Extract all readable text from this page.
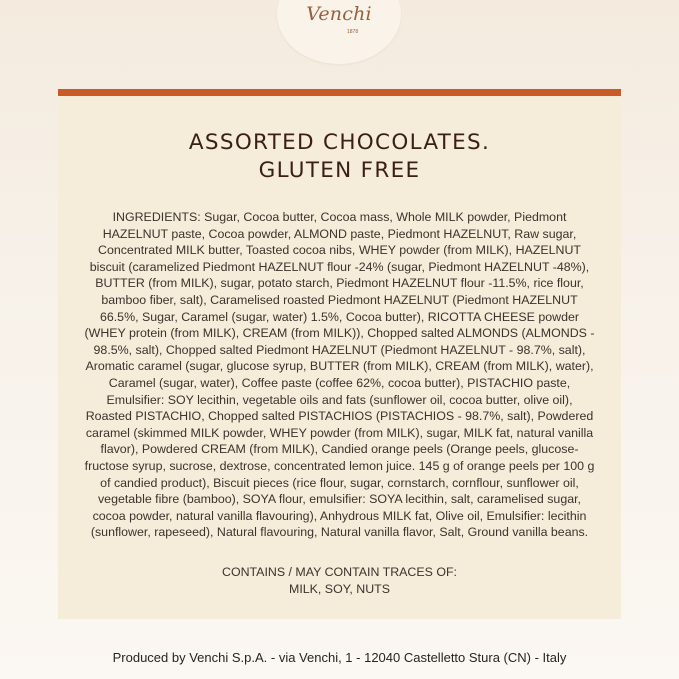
Venchi
1878
ASSORTED CHOCOLATES.
GLUTEN FREE
INGREDIENTS: Sugar, Cocoa butter, Cocoa mass, Whole MILK powder, Piedmont HAZELNUT paste, Cocoa powder, ALMOND paste, Piedmont HAZELNUT, Raw sugar, Concentrated MILK butter, Toasted cocoa nibs, WHEY powder (from MILK), HAZELNUT biscuit (caramelized Piedmont HAZELNUT flour -24% (sugar, Piedmont HAZELNUT -48%), BUTTER (from MILK), sugar, potato starch, Piedmont HAZELNUT flour -11.5%, rice flour, bamboo fiber, salt), Caramelised roasted Piedmont HAZELNUT (Piedmont HAZELNUT 66.5%, Sugar, Caramel (sugar, water) 1.5%, Cocoa butter), RICOTTA CHEESE powder (WHEY protein (from MILK), CREAM (from MILK)), Chopped salted ALMONDS (ALMONDS - 98.5%, salt), Chopped salted Piedmont HAZELNUT (Piedmont HAZELNUT - 98.7%, salt), Aromatic caramel (sugar, glucose syrup, BUTTER (from MILK), CREAM (from MILK), water), Caramel (sugar, water), Coffee paste (coffee 62%, cocoa butter), PISTACHIO paste, Emulsifier: SOY lecithin, vegetable oils and fats (sunflower oil, cocoa butter, olive oil), Roasted PISTACHIO, Chopped salted PISTACHIOS (PISTACHIOS - 98.7%, salt), Powdered caramel (skimmed MILK powder, WHEY powder (from MILK), sugar, MILK fat, natural vanilla flavor), Powdered CREAM (from MILK), Candied orange peels (Orange peels, glucose-fructose syrup, sucrose, dextrose, concentrated lemon juice. 145 g of orange peels per 100 g of candied product), Biscuit pieces (rice flour, sugar, cornstarch, cornflour, sunflower oil, vegetable fibre (bamboo), SOYA flour, emulsifier: SOYA lecithin, salt, caramelised sugar, cocoa powder, natural vanilla flavouring), Anhydrous MILK fat, Olive oil, Emulsifier: lecithin (sunflower, rapeseed), Natural flavouring, Natural vanilla flavor, Salt, Ground vanilla beans.
CONTAINS / MAY CONTAIN TRACES OF:
MILK, SOY, NUTS
Produced by Venchi S.p.A. - via Venchi, 1 - 12040 Castelletto Stura (CN) - Italy
